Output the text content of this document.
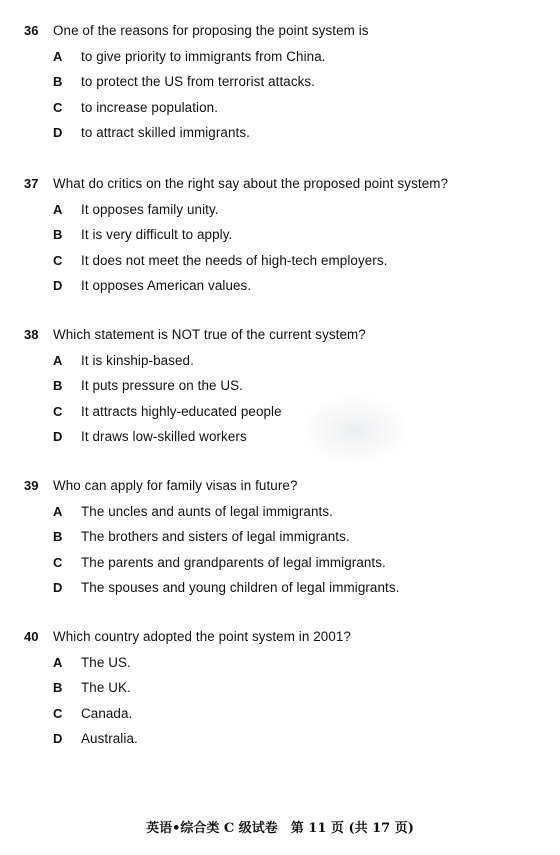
36 One of the reasons for proposing the point system is
A to give priority to immigrants from China.
B to protect the US from terrorist attacks.
C to increase population.
D to attract skilled immigrants.
37 What do critics on the right say about the proposed point system?
A It opposes family unity.
B It is very difficult to apply.
C It does not meet the needs of high-tech employers.
D It opposes American values.
38 Which statement is NOT true of the current system?
A It is kinship-based.
B It puts pressure on the US.
C It attracts highly-educated people
D It draws low-skilled workers
39 Who can apply for family visas in future?
A The uncles and aunts of legal immigrants.
B The brothers and sisters of legal immigrants.
C The parents and grandparents of legal immigrants.
D The spouses and young children of legal immigrants.
40 Which country adopted the point system in 2001?
A The US.
B The UK.
C Canada.
D Australia.
英语•综合类 C 级试卷　第 11 页 (共 17 页)
